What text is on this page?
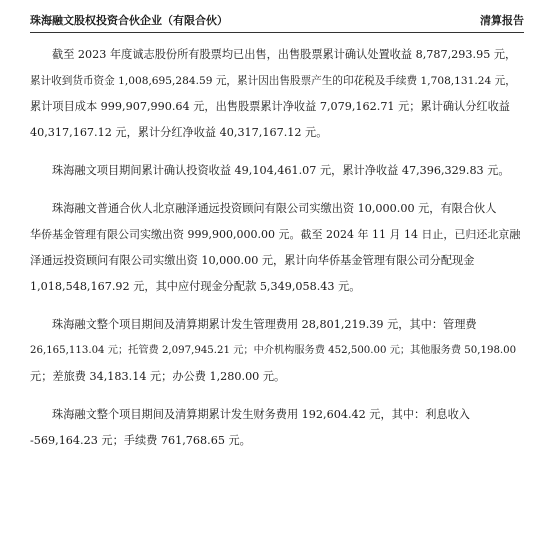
珠海融文股权投资合伙企业（有限合伙）	清算报告
截至 2023 年度诚志股份所有股票均已出售，出售股票累计确认处置收益 8,787,293.95 元，
累计收到货币资金 1,008,695,284.59 元，累计因出售股票产生的印花税及手续费 1,708,131.24 元，
累计项目成本 999,907,990.64 元，出售股票累计净收益 7,079,162.71 元；累计确认分红收益
40,317,167.12 元，累计分红净收益 40,317,167.12 元。
珠海融文项目期间累计确认投资收益 49,104,461.07 元，累计净收益 47,396,329.83 元。
珠海融文普通合伙人北京融泽通远投资顾问有限公司实缴出资 10,000.00 元，有限合伙人
华侨基金管理有限公司实缴出资 999,900,000.00 元。截至 2024 年 11 月 14 日止，已归还北京融
泽通远投资顾问有限公司实缴出资 10,000.00 元，累计向华侨基金管理有限公司分配现金
1,018,548,167.92 元，其中应付现金分配款 5,349,058.43 元。
珠海融文整个项目期间及清算期累计发生管理费用 28,801,219.39 元，其中：管理费
26,165,113.04 元；托管费 2,097,945.21 元；中介机构服务费 452,500.00 元；其他服务费 50,198.00
元；差旅费 34,183.14 元；办公费 1,280.00 元。
珠海融文整个项目期间及清算期累计发生财务费用 192,604.42 元，其中：利息收入
-569,164.23 元；手续费 761,768.65 元。
